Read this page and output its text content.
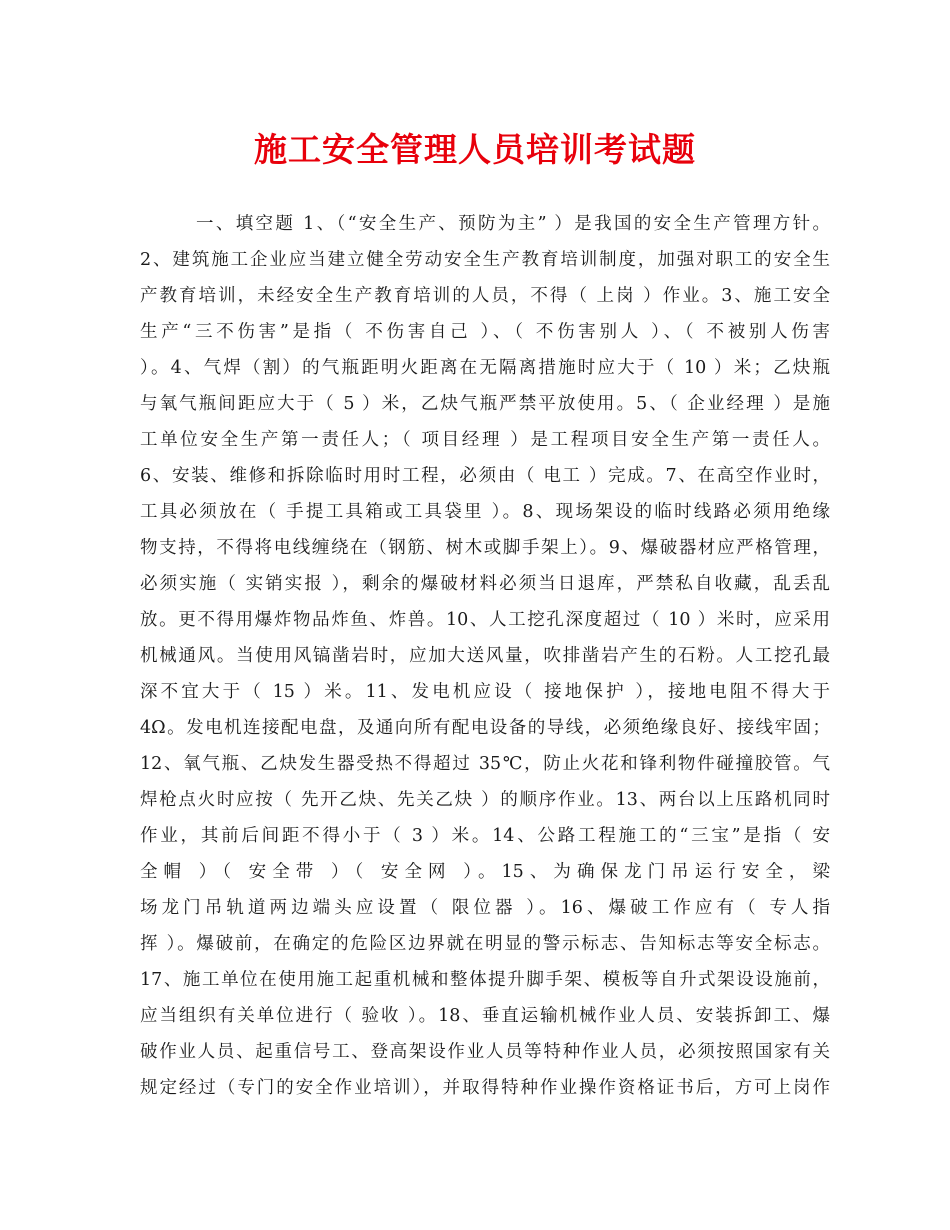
施工安全管理人员培训考试题
一、填空题 1、（“安全生产、预防为主” ）是我国的安全生产管理方针。
2、建筑施工企业应当建立健全劳动安全生产教育培训制度，加强对职工的安全生
产教育培训，未经安全生产教育培训的人员，不得（ 上岗 ）作业。3、施工安全
生产“三不伤害”是指（ 不伤害自己 ）、（ 不伤害别人 ）、（ 不被别人伤害
）。4、气焊（割）的气瓶距明火距离在无隔离措施时应大于（ 10 ）米；乙炔瓶
与氧气瓶间距应大于（ 5 ）米，乙炔气瓶严禁平放使用。5、（ 企业经理 ）是施
工单位安全生产第一责任人；（ 项目经理 ）是工程项目安全生产第一责任人。
6、安装、维修和拆除临时用时工程，必须由（ 电工 ）完成。7、在高空作业时，
工具必须放在（ 手提工具箱或工具袋里 ）。8、现场架设的临时线路必须用绝缘
物支持，不得将电线缠绕在（钢筋、树木或脚手架上）。9、爆破器材应严格管理，
必须实施（ 实销实报 ），剩余的爆破材料必须当日退库，严禁私自收藏，乱丢乱
放。更不得用爆炸物品炸鱼、炸兽。10、人工挖孔深度超过（ 10 ）米时，应采用
机械通风。当使用风镐凿岩时，应加大送风量，吹排凿岩产生的石粉。人工挖孔最
深不宜大于（ 15 ）米。11、发电机应设（ 接地保护 ），接地电阻不得大于
4Ω。发电机连接配电盘，及通向所有配电设备的导线，必须绝缘良好、接线牢固；
12、氧气瓶、乙炔发生器受热不得超过 35℃，防止火花和锋利物件碰撞胶管。气
焊枪点火时应按（ 先开乙炔、先关乙炔 ）的顺序作业。13、两台以上压路机同时
作业，其前后间距不得小于（ 3 ）米。14、公路工程施工的“三宝”是指（ 安
全帽 ）（ 安全带 ）（ 安全网 ）。15、为确保龙门吊运行安全，梁
场龙门吊轨道两边端头应设置（ 限位器 ）。16、爆破工作应有（ 专人指
挥 ）。爆破前，在确定的危险区边界就在明显的警示标志、告知标志等安全标志。
17、施工单位在使用施工起重机械和整体提升脚手架、模板等自升式架设设施前，
应当组织有关单位进行（ 验收 ）。18、垂直运输机械作业人员、安装拆卸工、爆
破作业人员、起重信号工、登高架设作业人员等特种作业人员，必须按照国家有关
规定经过（专门的安全作业培训），并取得特种作业操作资格证书后，方可上岗作
